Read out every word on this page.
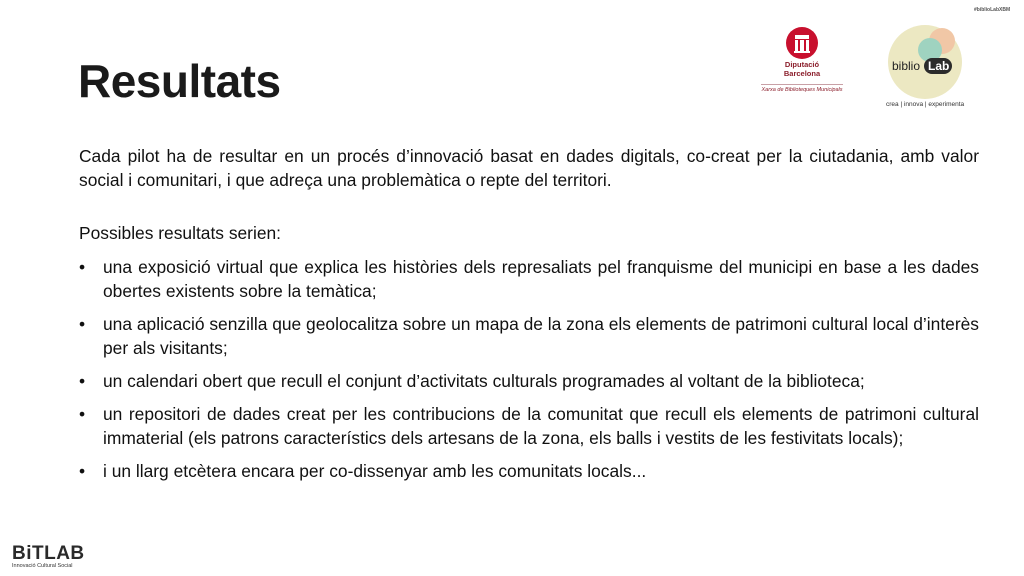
Resultats	Diputació
Barcelona
Xarxa de Biblioteques Municipals
#biblioLabXBM
biblio Lab
crea | innova | experimenta

Cada pilot ha de resultar en un procés d’innovació basat en dades digitals, co-creat per la ciutadania, amb valor social i comunitari, i que adreça una problemàtica o repte del territori.

Possibles resultats serien:

• una exposició virtual que explica les històries dels represaliats pel franquisme del municipi en base a les dades obertes existents sobre la temàtica;
• una aplicació senzilla que geolocalitza sobre un mapa de la zona els elements de patrimoni cultural local d’interès per als visitants;
• un calendari obert que recull el conjunt d’activitats culturals programades al voltant de la biblioteca;
• un repositori de dades creat per les contribucions de la comunitat que recull els elements de patrimoni cultural immaterial (els patrons característics dels artesans de la zona, els balls i vestits de les festivitats locals);
• i un llarg etcètera encara per co-dissenyar amb les comunitats locals...
BiTLAB
Innovació Cultural Social
